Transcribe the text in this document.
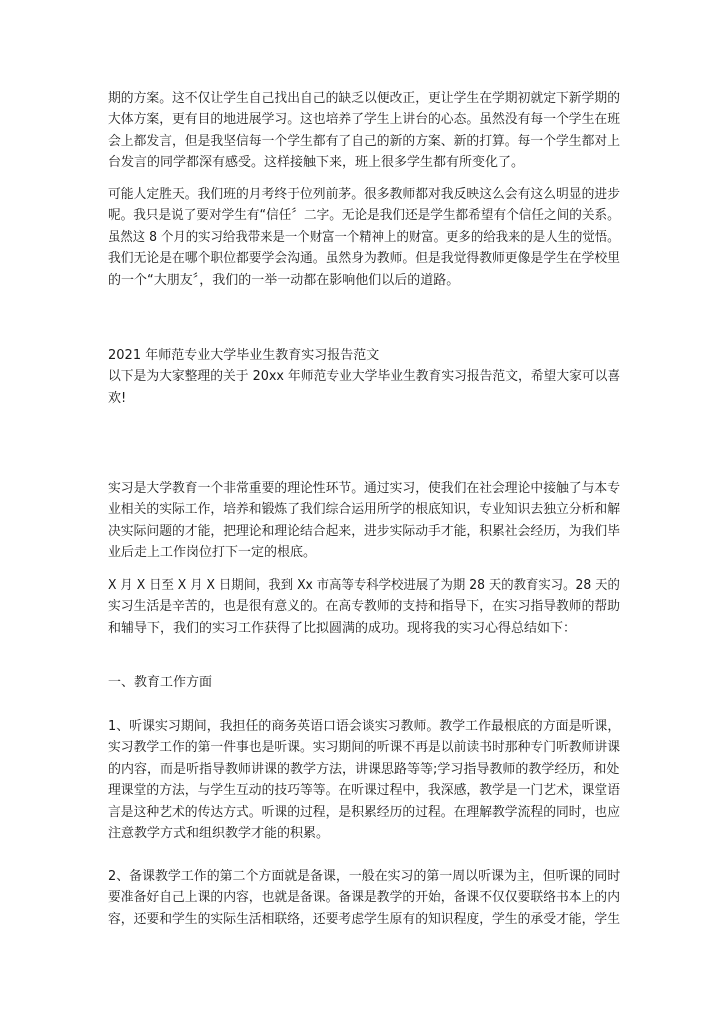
期的方案。这不仅让学生自己找出自己的缺乏以便改正，更让学生在学期初就定下新学期的
大体方案，更有目的地进展学习。这也培养了学生上讲台的心态。虽然没有每一个学生在班
会上都发言，但是我坚信每一个学生都有了自己的新的方案、新的打算。每一个学生都对上
台发言的同学都深有感受。这样接触下来，班上很多学生都有所变化了。
可能人定胜天。我们班的月考终于位列前茅。很多教师都对我反映这么会有这么明显的进步
呢。我只是说了要对学生有“信任〞二字。无论是我们还是学生都希望有个信任之间的关系。
虽然这 8 个月的实习给我带来是一个财富一个精神上的财富。更多的给我来的是人生的觉悟。
我们无论是在哪个职位都要学会沟通。虽然身为教师。但是我觉得教师更像是学生在学校里
的一个“大朋友〞，我们的一举一动都在影响他们以后的道路。
2021 年师范专业大学毕业生教育实习报告范文
以下是为大家整理的关于 20xx 年师范专业大学毕业生教育实习报告范文，希望大家可以喜
欢!
实习是大学教育一个非常重要的理论性环节。通过实习，使我们在社会理论中接触了与本专
业相关的实际工作，培养和锻炼了我们综合运用所学的根底知识，专业知识去独立分析和解
决实际问题的才能，把理论和理论结合起来，进步实际动手才能，积累社会经历，为我们毕
业后走上工作岗位打下一定的根底。
X 月 X 日至 X 月 X 日期间，我到 Xx 市高等专科学校进展了为期 28 天的教育实习。28 天的
实习生活是辛苦的，也是很有意义的。在高专教师的支持和指导下，在实习指导教师的帮助
和辅导下，我们的实习工作获得了比拟圆满的成功。现将我的实习心得总结如下：
一、教育工作方面
1、听课实习期间，我担任的商务英语口语会谈实习教师。教学工作最根底的方面是听课，
实习教学工作的第一件事也是听课。实习期间的听课不再是以前读书时那种专门听教师讲课
的内容，而是听指导教师讲课的教学方法，讲课思路等等;学习指导教师的教学经历，和处
理课堂的方法，与学生互动的技巧等等。在听课过程中，我深感，教学是一门艺术，课堂语
言是这种艺术的传达方式。听课的过程，是积累经历的过程。在理解教学流程的同时，也应
注意教学方式和组织教学才能的积累。
2、备课教学工作的第二个方面就是备课，一般在实习的第一周以听课为主，但听课的同时
要准备好自己上课的内容，也就是备课。备课是教学的开始，备课不仅仅要联络书本上的内
容，还要和学生的实际生活相联络，还要考虑学生原有的知识程度，学生的承受才能，学生
